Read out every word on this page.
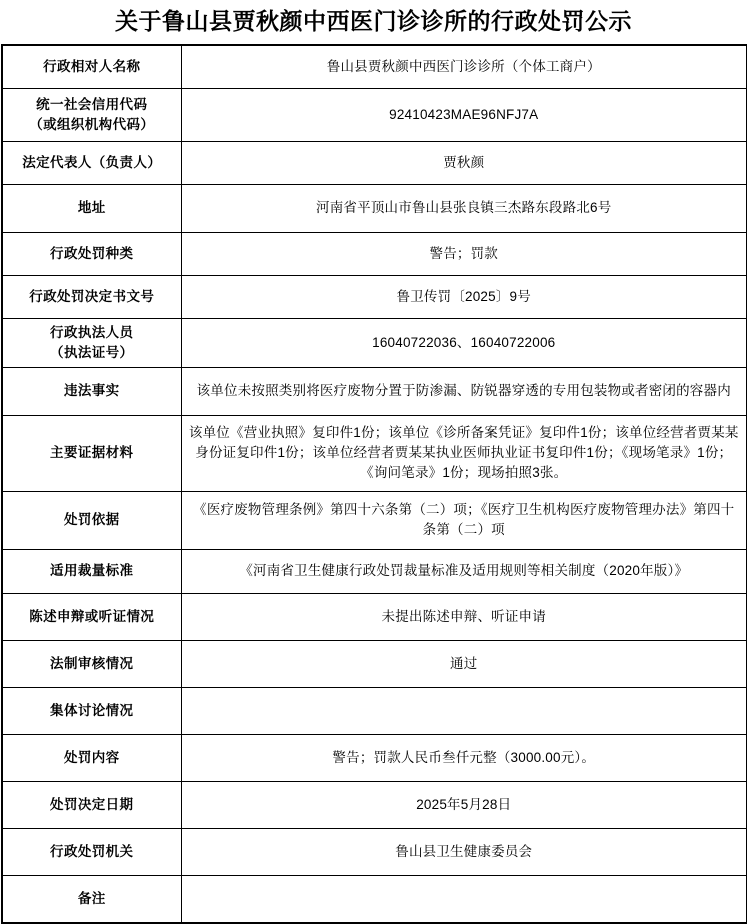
关于鲁山县贾秋颜中西医门诊诊所的行政处罚公示
行政相对人名称	鲁山县贾秋颜中西医门诊诊所（个体工商户）

统一社会信用代码
（或组织机构代码）	92410423MAE96NFJ7A
法定代表人（负责人）	贾秋颜
地址	河南省平顶山市鲁山县张良镇三杰路东段路北6号
行政处罚种类	警告；罚款
行政处罚决定书文号	鲁卫传罚〔2025〕9号

行政执法人员
（执法证号）	16040722036、16040722006
违法事实	该单位未按照类别将医疗废物分置于防渗漏、防锐器穿透的专用包装物或者密闭的容器内
主要证据材料	该单位《营业执照》复印件1份；该单位《诊所备案凭证》复印件1份；该单位经营者贾某某身份证复印件1份；该单位经营者贾某某执业医师执业证书复印件1份；《现场笔录》1份；《询问笔录》1份；现场拍照3张。
处罚依据	《医疗废物管理条例》第四十六条第（二）项；《医疗卫生机构医疗废物管理办法》第四十条第（二）项
适用裁量标准	《河南省卫生健康行政处罚裁量标准及适用规则等相关制度（2020年版）》
陈述申辩或听证情况	未提出陈述申辩、听证申请
法制审核情况	通过
集体讨论情况	
处罚内容	警告；罚款人民币叁仟元整（3000.00元）。
处罚决定日期	2025年5月28日
行政处罚机关	鲁山县卫生健康委员会
备注	
